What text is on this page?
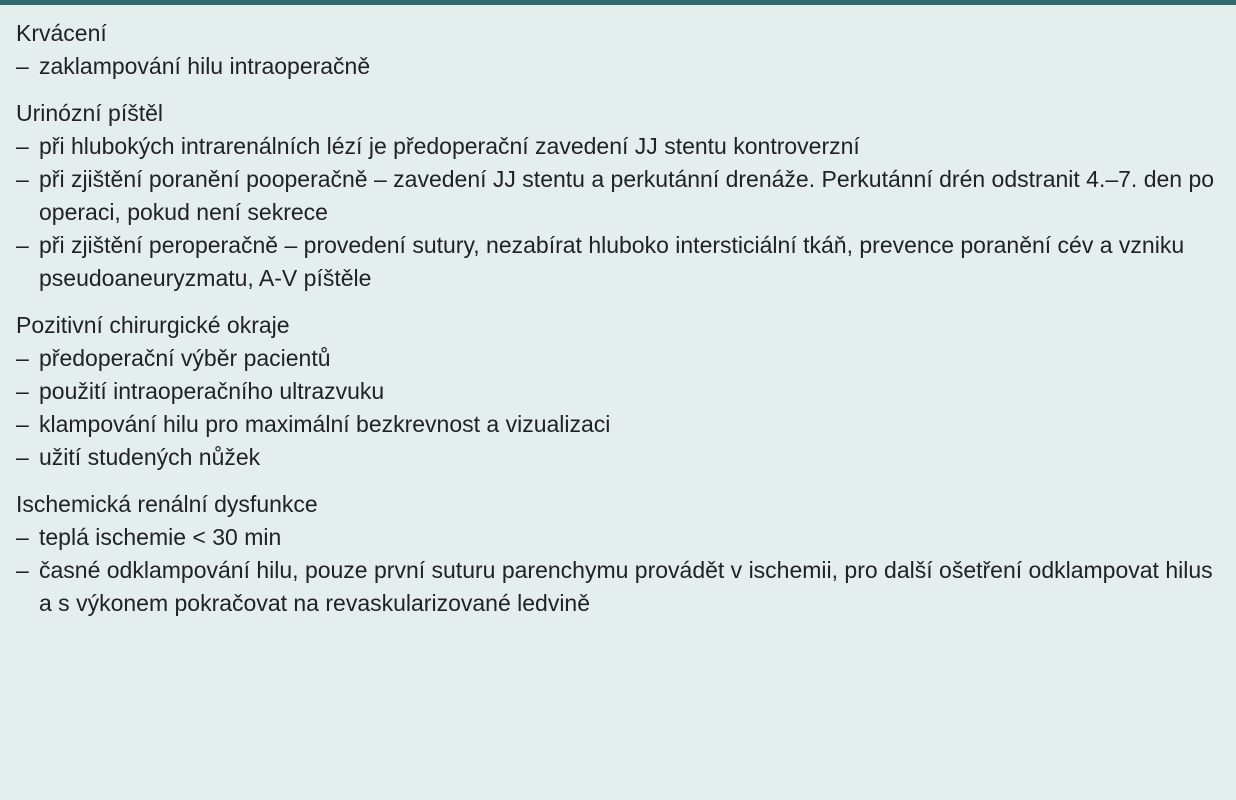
Krvácení
– zaklampování hilu intraoperačně
Urinózní píštěl
– při hlubokých intrarenálních lézí je předoperační zavedení JJ stentu kontroverzní
– při zjištění poranění pooperačně – zavedení JJ stentu a perkutánní drenáže. Perkutánní drén odstranit 4.–7. den po operaci, pokud není sekrece
– při zjištění peroperačně – provedení sutury, nezabírat hluboko intersticiální tkáň, prevence poranění cév a vzniku pseudoaneuryzmatu, A-V píštěle
Pozitivní chirurgické okraje
– předoperační výběr pacientů
– použití intraoperačního ultrazvuku
– klampování hilu pro maximální bezkrevnost a vizualizaci
– užití studených nůžek
Ischemická renální dysfunkce
– teplá ischemie < 30 min
– časné odklampování hilu, pouze první suturu parenchymu provádět v ischemii, pro další ošetření odklampovat hilus a s výkonem pokračovat na revaskularizované ledvině
